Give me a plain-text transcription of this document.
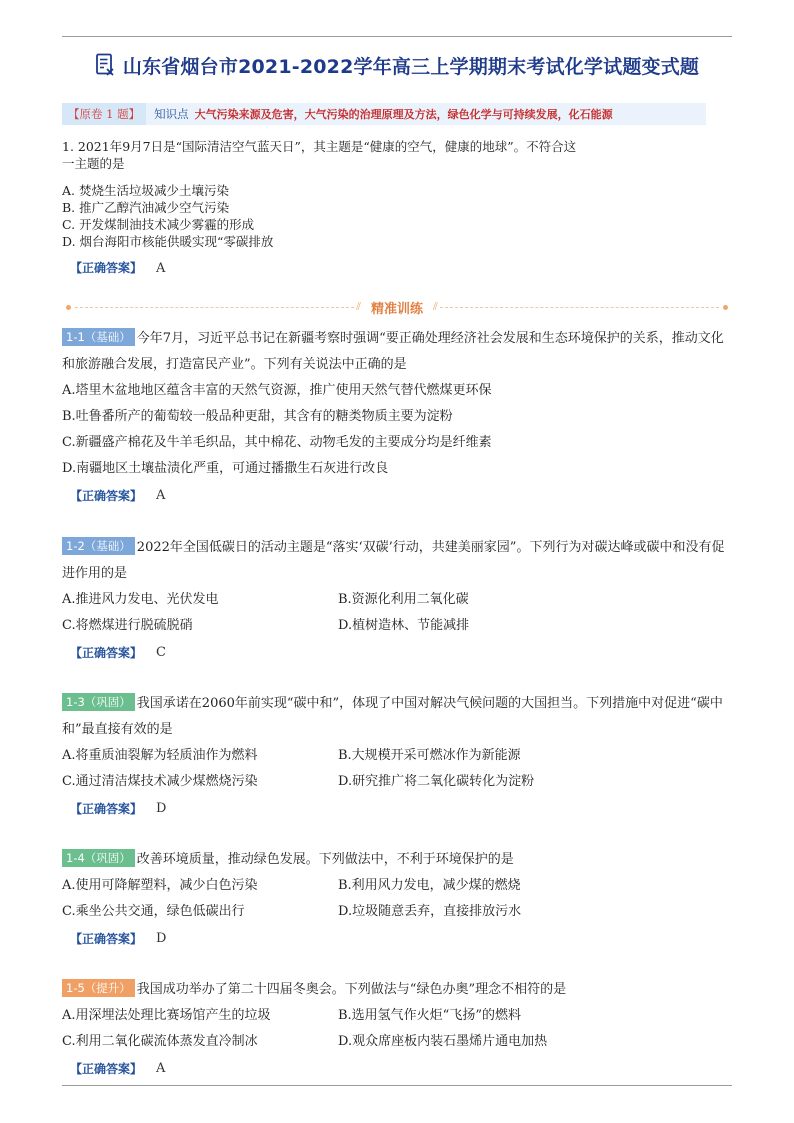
山东省烟台市2021-2022学年高三上学期期末考试化学试题变式题
【原卷 1 题】	知识点 大气污染来源及危害，大气污染的治理原理及方法，绿色化学与可持续发展，化石能源
1. 2021年9月7日是“国际清洁空气蓝天日”，其主题是“健康的空气，健康的地球”。不符合这
一主题的是
A. 焚烧生活垃圾减少土壤污染
B. 推广乙醇汽油减少空气污染
C. 开发煤制油技术减少雾霾的形成
D. 烟台海阳市核能供暖实现“零碳排放
【正确答案】 A
⫽ 精准训练 ⫽
1-1（基础） 今年7月，习近平总书记在新疆考察时强调“要正确处理经济社会发展和生态环境保护的关系，推动文化和旅游融合发展，打造富民产业”。下列有关说法中正确的是
A.塔里木盆地地区蕴含丰富的天然气资源，推广使用天然气替代燃煤更环保
B.吐鲁番所产的葡萄较一般品种更甜，其含有的糖类物质主要为淀粉
C.新疆盛产棉花及牛羊毛织品，其中棉花、动物毛发的主要成分均是纤维素
D.南疆地区土壤盐渍化严重，可通过播撒生石灰进行改良
【正确答案】 A
1-2（基础） 2022年全国低碳日的活动主题是“落实‘双碳’行动，共建美丽家园”。下列行为对碳达峰或碳中和没有促进作用的是
A.推进风力发电、光伏发电	B.资源化利用二氧化碳
C.将燃煤进行脱硫脱硝	D.植树造林、节能减排
【正确答案】 C
1-3（巩固） 我国承诺在2060年前实现“碳中和”，体现了中国对解决气候问题的大国担当。下列措施中对促进“碳中和”最直接有效的是
A.将重质油裂解为轻质油作为燃料	B.大规模开采可燃冰作为新能源
C.通过清洁煤技术减少煤燃烧污染	D.研究推广将二氧化碳转化为淀粉
【正确答案】 D
1-4（巩固） 改善环境质量，推动绿色发展。下列做法中，不利于环境保护的是
A.使用可降解塑料，减少白色污染	B.利用风力发电，减少煤的燃烧
C.乘坐公共交通，绿色低碳出行	D.垃圾随意丢弃，直接排放污水
【正确答案】 D
1-5（提升） 我国成功举办了第二十四届冬奥会。下列做法与“绿色办奥”理念不相符的是
A.用深埋法处理比赛场馆产生的垃圾	B.选用氢气作火炬“飞扬”的燃料
C.利用二氧化碳流体蒸发直冷制冰	D.观众席座板内装石墨烯片通电加热
【正确答案】 A
